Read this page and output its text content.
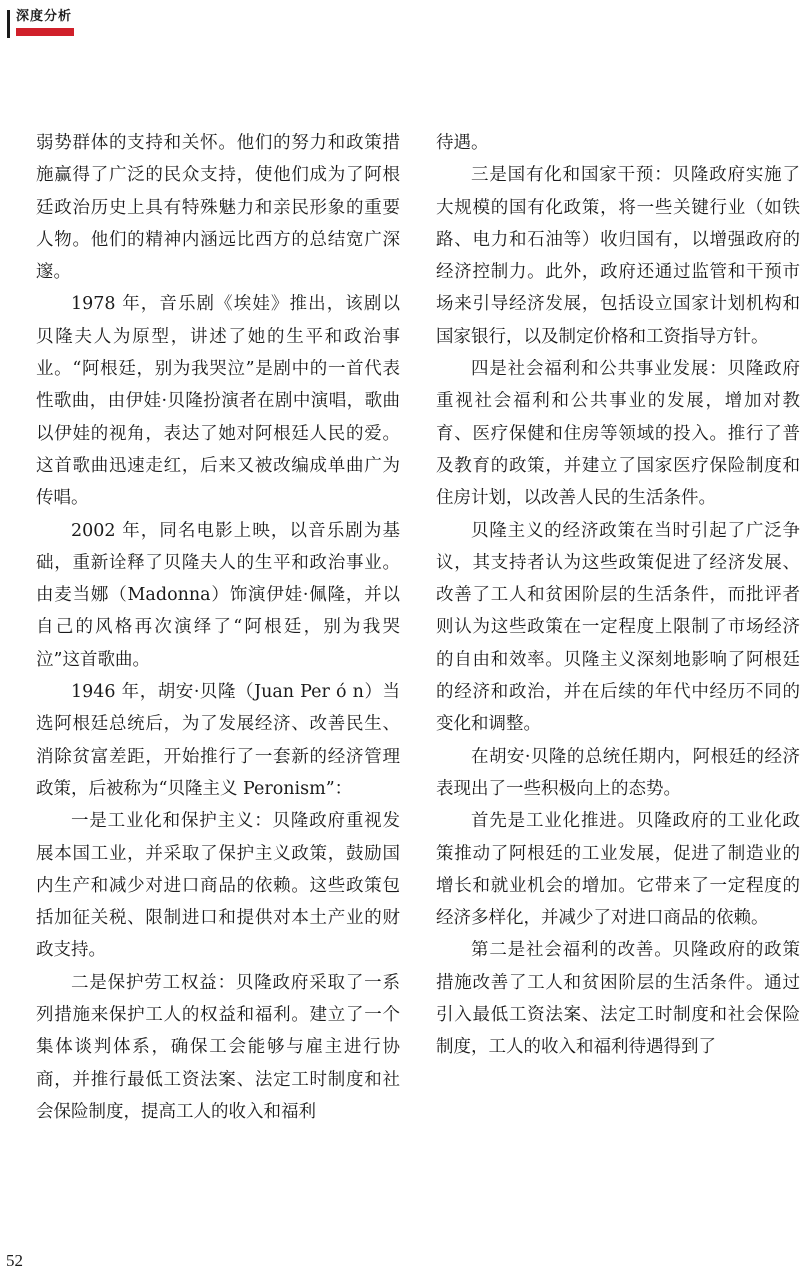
深度分析

弱势群体的支持和关怀。他们的努力和政策措施赢得了广泛的民众支持，使他们成为了阿根廷政治历史上具有特殊魅力和亲民形象的重要人物。他们的精神内涵远比西方的总结宽广深邃。

1978 年，音乐剧《埃娃》推出，该剧以贝隆夫人为原型，讲述了她的生平和政治事业。“阿根廷，别为我哭泣”是剧中的一首代表性歌曲，由伊娃·贝隆扮演者在剧中演唱，歌曲以伊娃的视角，表达了她对阿根廷人民的爱。这首歌曲迅速走红，后来又被改编成单曲广为传唱。

2002 年，同名电影上映，以音乐剧为基础，重新诠释了贝隆夫人的生平和政治事业。由麦当娜（Madonna）饰演伊娃·佩隆，并以自己的风格再次演绎了“阿根廷，别为我哭泣”这首歌曲。

1946 年，胡安·贝隆（Juan Per ó n）当选阿根廷总统后，为了发展经济、改善民生、消除贫富差距，开始推行了一套新的经济管理政策，后被称为“贝隆主义 Peronism”：

一是工业化和保护主义：贝隆政府重视发展本国工业，并采取了保护主义政策，鼓励国内生产和减少对进口商品的依赖。这些政策包括加征关税、限制进口和提供对本土产业的财政支持。

二是保护劳工权益：贝隆政府采取了一系列措施来保护工人的权益和福利。建立了一个集体谈判体系，确保工会能够与雇主进行协商，并推行最低工资法案、法定工时制度和社会保险制度，提高工人的收入和福利

待遇。

三是国有化和国家干预：贝隆政府实施了大规模的国有化政策，将一些关键行业（如铁路、电力和石油等）收归国有，以增强政府的经济控制力。此外，政府还通过监管和干预市场来引导经济发展，包括设立国家计划机构和国家银行，以及制定价格和工资指导方针。

四是社会福利和公共事业发展：贝隆政府重视社会福利和公共事业的发展，增加对教育、医疗保健和住房等领域的投入。推行了普及教育的政策，并建立了国家医疗保险制度和住房计划，以改善人民的生活条件。

贝隆主义的经济政策在当时引起了广泛争议，其支持者认为这些政策促进了经济发展、改善了工人和贫困阶层的生活条件，而批评者则认为这些政策在一定程度上限制了市场经济的自由和效率。贝隆主义深刻地影响了阿根廷的经济和政治，并在后续的年代中经历不同的变化和调整。

在胡安·贝隆的总统任期内，阿根廷的经济表现出了一些积极向上的态势。

首先是工业化推进。贝隆政府的工业化政策推动了阿根廷的工业发展，促进了制造业的增长和就业机会的增加。它带来了一定程度的经济多样化，并减少了对进口商品的依赖。

第二是社会福利的改善。贝隆政府的政策措施改善了工人和贫困阶层的生活条件。通过引入最低工资法案、法定工时制度和社会保险制度，工人的收入和福利待遇得到了

52
